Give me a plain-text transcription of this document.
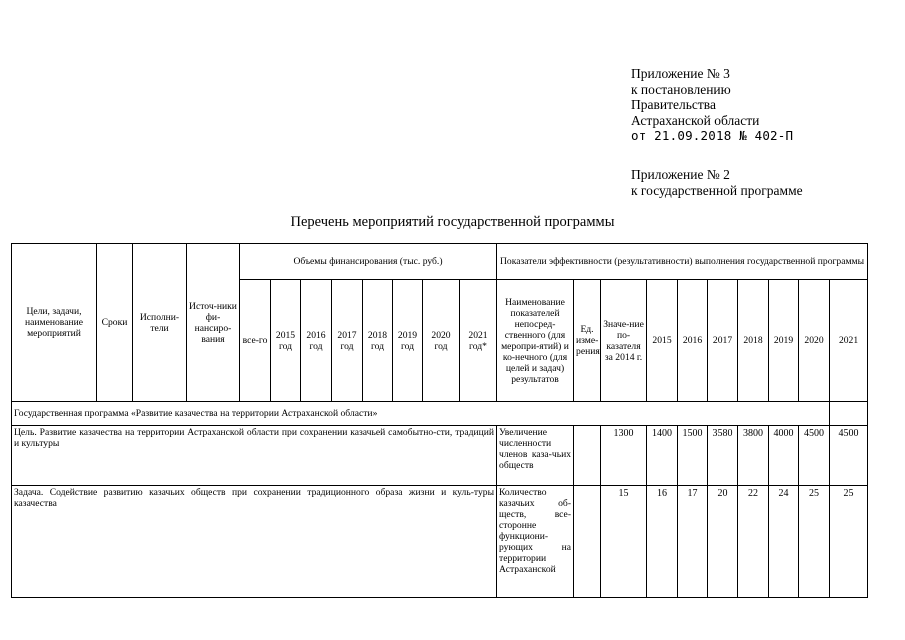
Приложение № 3
к постановлению
Правительства
Астраханской области
от 21.09.2018 № 402-П
Приложение № 2
к государственной программе
Перечень мероприятий государственной программы
Цели, задачи, наименование мероприятий	Сроки	Исполни-тели	Источ-ники фи-нансиро-вания	Объемы финансирования (тыс. руб.)								Показатели эффективности (результативности) выполнения государственной программы									
				все-го	2015 год	2016 год	2017 год	2018 год	2019 год	2020 год	2021 год*	Наименование показателей непосред-ственного (для меропри-ятий) и ко-нечного (для целей и задач) результатов	Ед. изме-рения	Значе-ние по-казателя за 2014 г.	2015	2016	2017	2018	2019	2020	2021
Государственная программа «Развитие казачества на территории Астраханской области»																					
Цель. Развитие казачества на территории Астраханской области при сохранении казачьей самобытно-сти, традиций и культуры												Увеличение численности членов каза-чьих обществ		1300	1400	1500	3580	3800	4000	4500	4500
Задача. Содействие развитию казачьих обществ при сохранении традиционного образа жизни и куль-туры казачества												Количество казачьих об-ществ, все-сторонне функциони-рующих на территории Астраханской		15	16	17	20	22	24	25	25
